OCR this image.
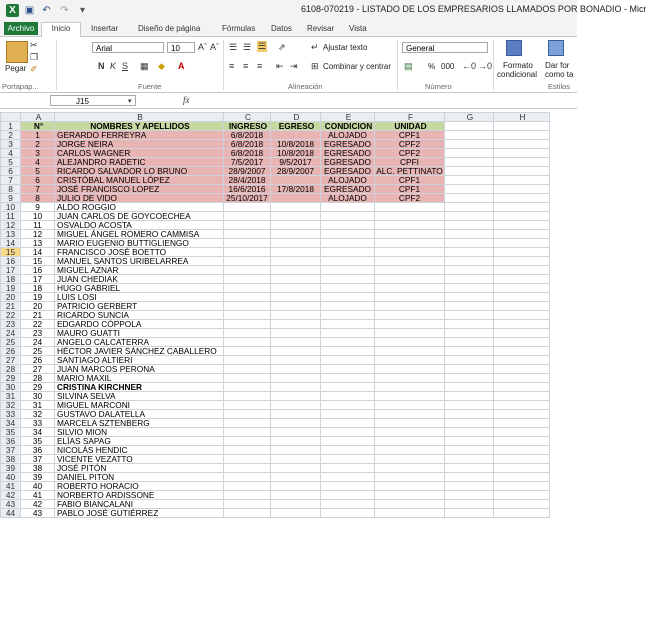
X ▣ ↶ ↷	▾	6108-070219 - LISTADO DE LOS EMPRESARIOS LLAMADOS POR BONADIO - Micr
Archivo	Inicio	Insertar Diseño de página	Fórmulas Datos Revisar Vista
✂
❐
✐
Pegar
Portapap...
Arial	10	Aˆ Aˇ
N K S ▦ ◆ A
Fuente
☰ ☰ ☰ ⇗	↵ Ajustar texto
≡ ≡ ≡ ⇤ ⇥ ⊞ Combinar y centrar
Alineación
General
▤ % 000 ←0 →0
Número
Formato
condicional
Dar for
como ta
Estilos
J15	▾	fx
	A	B	C	D	E	F	G	H
1	N°	NOMBRES Y APELLIDOS	INGRESO	EGRESO	CONDICION	UNIDAD		
2	1	GERARDO FERREYRA	6/8/2018		ALOJADO	CPF1		
3	2	JORGE NEIRA	6/8/2018	10/8/2018	EGRESADO	CPF2		
4	3	CARLOS WAGNER	6/8/2018	10/8/2018	EGRESADO	CPF2		
5	4	ALEJANDRO RADETIC	7/5/2017	9/5/2017	EGRESADO	CPFI		
6	5	RICARDO SALVADOR LO BRUNO	28/9/2007	28/9/2007	EGRESADO	ALC. PETTINATO		
7	6	CRISTÓBAL MANUEL LÓPEZ	28/4/2018		ALOJADO	CPF1		
8	7	JOSÉ FRANCISCO LOPEZ	16/6/2016	17/8/2018	EGRESADO	CPF1		
9	8	JULIO DE VIDO	25/10/2017		ALOJADO	CPF2		
10	9	ALDO ROGGIO						
11	10	JUAN CARLOS DE GOYCOECHEA						
12	11	OSVALDO ACOSTA						
13	12	MIGUEL ÁNGEL ROMERO CAMMISA						
14	13	MARIO EUGENIO BUTTIGLIENGO						
15	14	FRANCISCO JOSÉ BOETTO						
16	15	MANUEL SANTOS URIBELARREA						
17	16	MIGUEL AZNAR						
18	17	JUAN CHEDIAK						
19	18	HUGO GABRIEL						
20	19	LUIS LOSI						
21	20	PATRICIO GERBERT						
22	21	RICARDO SUNCIA						
23	22	EDGARDO CÓPPOLA						
24	23	MAURO GUATTI						
25	24	ANGELO CALCATERRA						
26	25	HÉCTOR JAVIER SÁNCHEZ CABALLERO						
27	26	SANTIAGO ALTIERI						
28	27	JUAN MARCOS PERONA						
29	28	MARIO MAXIL						
30	29	CRISTINA KIRCHNER						
31	30	SILVINA SELVA						
32	31	MIGUEL MARCONI						
33	32	GUSTAVO DALATELLA						
34	33	MARCELA SZTENBERG						
35	34	SILVIO MION						
36	35	ELÍAS SAPAG						
37	36	NICOLÁS HENDIC						
38	37	VICENTE VEZATTO						
39	38	JOSÉ PITÓN						
40	39	DANIEL PITON						
41	40	ROBERTO HORACIO						
42	41	NORBERTO ARDISSONE						
43	42	FABIO BIANCALANI						
44	43	PABLO JOSÉ GUTIÉRREZ						
